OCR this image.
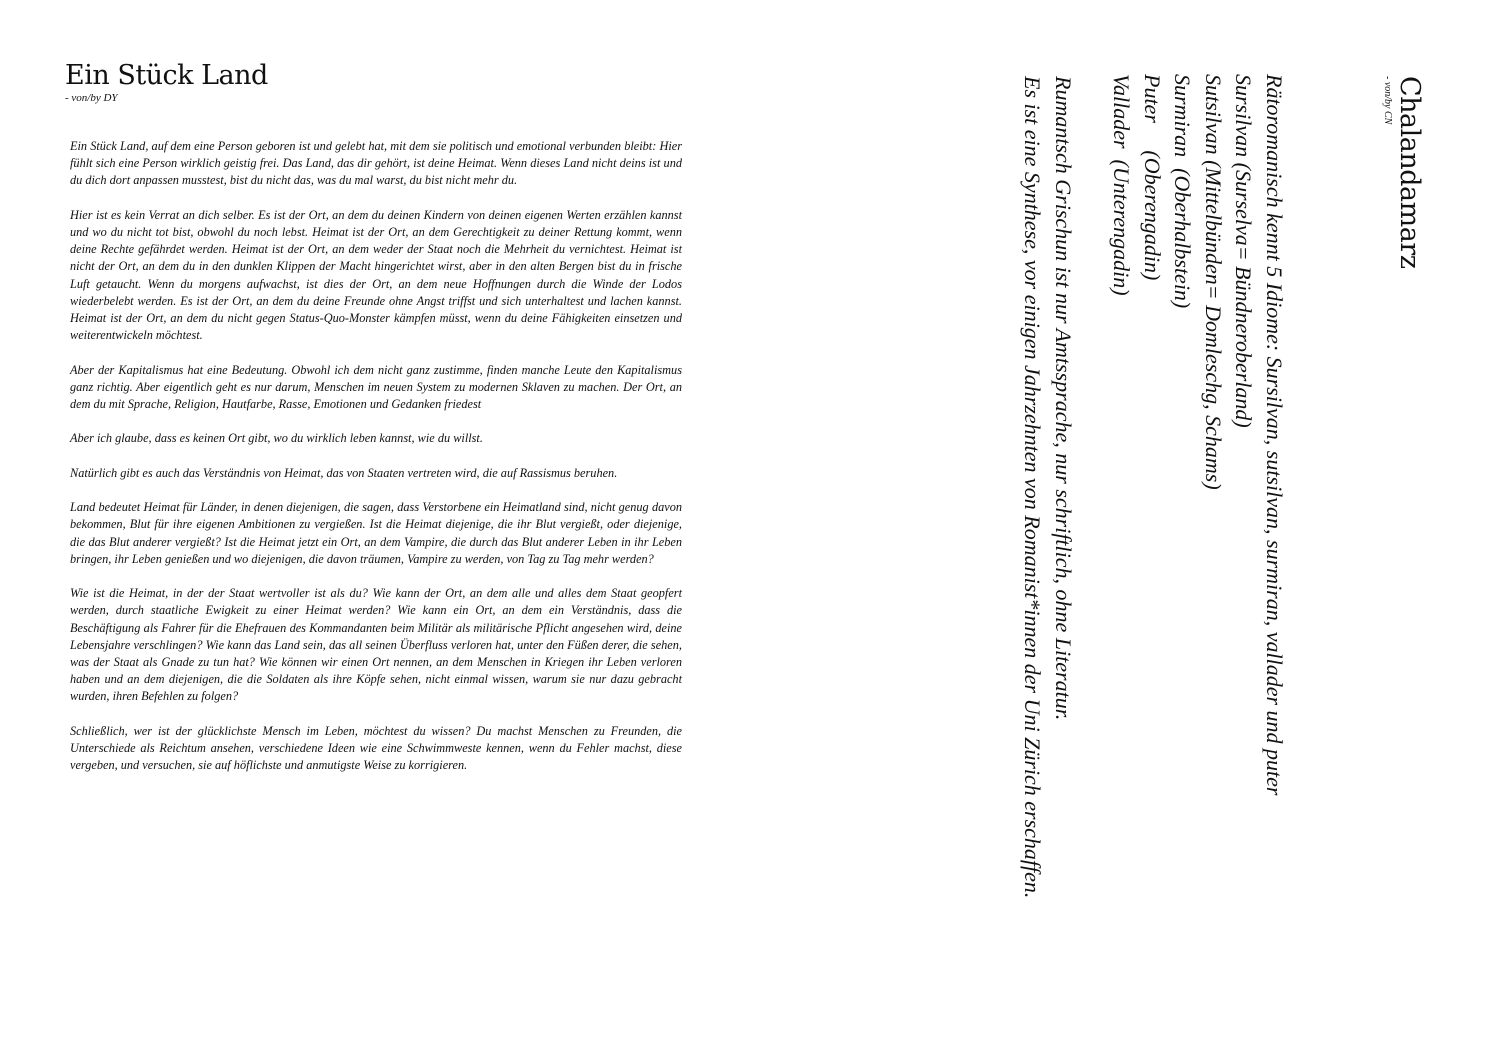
Ein Stück Land
- von/by DY

Ein Stück Land, auf dem eine Person geboren ist und gelebt hat, mit dem sie politisch und emotional verbunden bleibt: Hier fühlt sich eine Person wirklich geistig frei. Das Land, das dir gehört, ist deine Heimat. Wenn dieses Land nicht deins ist und du dich dort anpassen musstest, bist du nicht das, was du mal warst, du bist nicht mehr du.

Hier ist es kein Verrat an dich selber. Es ist der Ort, an dem du deinen Kindern von deinen eigenen Werten erzählen kannst und wo du nicht tot bist, obwohl du noch lebst. Heimat ist der Ort, an dem Gerechtigkeit zu deiner Rettung kommt, wenn deine Rechte gefährdet werden. Heimat ist der Ort, an dem weder der Staat noch die Mehrheit du vernichtest. Heimat ist nicht der Ort, an dem du in den dunklen Klippen der Macht hingerichtet wirst, aber in den alten Bergen bist du in frische Luft getaucht. Wenn du morgens aufwachst, ist dies der Ort, an dem neue Hoffnungen durch die Winde der Lodos wiederbelebt werden. Es ist der Ort, an dem du deine Freunde ohne Angst triffst und sich unterhaltest und lachen kannst. Heimat ist der Ort, an dem du nicht gegen Status-Quo-Monster kämpfen müsst, wenn du deine Fähigkeiten einsetzen und weiterentwickeln möchtest.

Aber der Kapitalismus hat eine Bedeutung. Obwohl ich dem nicht ganz zustimme, finden manche Leute den Kapitalismus ganz richtig. Aber eigentlich geht es nur darum, Menschen im neuen System zu modernen Sklaven zu machen. Der Ort, an dem du mit Sprache, Religion, Hautfarbe, Rasse, Emotionen und Gedanken friedest

Aber ich glaube, dass es keinen Ort gibt, wo du wirklich leben kannst, wie du willst.

Natürlich gibt es auch das Verständnis von Heimat, das von Staaten vertreten wird, die auf Rassismus beruhen.

Land bedeutet Heimat für Länder, in denen diejenigen, die sagen, dass Verstorbene ein Heimatland sind, nicht genug davon bekommen, Blut für ihre eigenen Ambitionen zu vergießen. Ist die Heimat diejenige, die ihr Blut vergießt, oder diejenige, die das Blut anderer vergießt? Ist die Heimat jetzt ein Ort, an dem Vampire, die durch das Blut anderer Leben in ihr Leben bringen, ihr Leben genießen und wo diejenigen, die davon träumen, Vampire zu werden, von Tag zu Tag mehr werden?

Wie ist die Heimat, in der der Staat wertvoller ist als du? Wie kann der Ort, an dem alle und alles dem Staat geopfert werden, durch staatliche Ewigkeit zu einer Heimat werden? Wie kann ein Ort, an dem ein Verständnis, dass die Beschäftigung als Fahrer für die Ehefrauen des Kommandanten beim Militär als militärische Pflicht angesehen wird, deine Lebensjahre verschlingen? Wie kann das Land sein, das all seinen Überfluss verloren hat, unter den Füßen derer, die sehen, was der Staat als Gnade zu tun hat? Wie können wir einen Ort nennen, an dem Menschen in Kriegen ihr Leben verloren haben und an dem diejenigen, die die Soldaten als ihre Köpfe sehen, nicht einmal wissen, warum sie nur dazu gebracht wurden, ihren Befehlen zu folgen?

Schließlich, wer ist der glücklichste Mensch im Leben, möchtest du wissen? Du machst Menschen zu Freunden, die Unterschiede als Reichtum ansehen, verschiedene Ideen wie eine Schwimmweste kennen, wenn du Fehler machst, diese vergeben, und versuchen, sie auf höflichste und anmutigste Weise zu korrigieren.

Chalandamarz
- von/by CN
Rätoromanisch kennt 5 Idiome: Sursilvan, sutsilvan, surmiran, vallader und puter
Sursilvan (Surselva= Bündneroberland)
Sutsilvan (Mittelbünden= Domleschg, Schams)
Surmiran  (Oberhalbstein)
Puter     (Oberengadin)
Vallader  (Unterengadin)
Rumantsch Grischun ist nur Amtssprache, nur schriftlich, ohne Literatur.
Es ist eine Synthese, vor einigen Jahrzehnten von Romanist*innen der Uni Zürich erschaffen.
